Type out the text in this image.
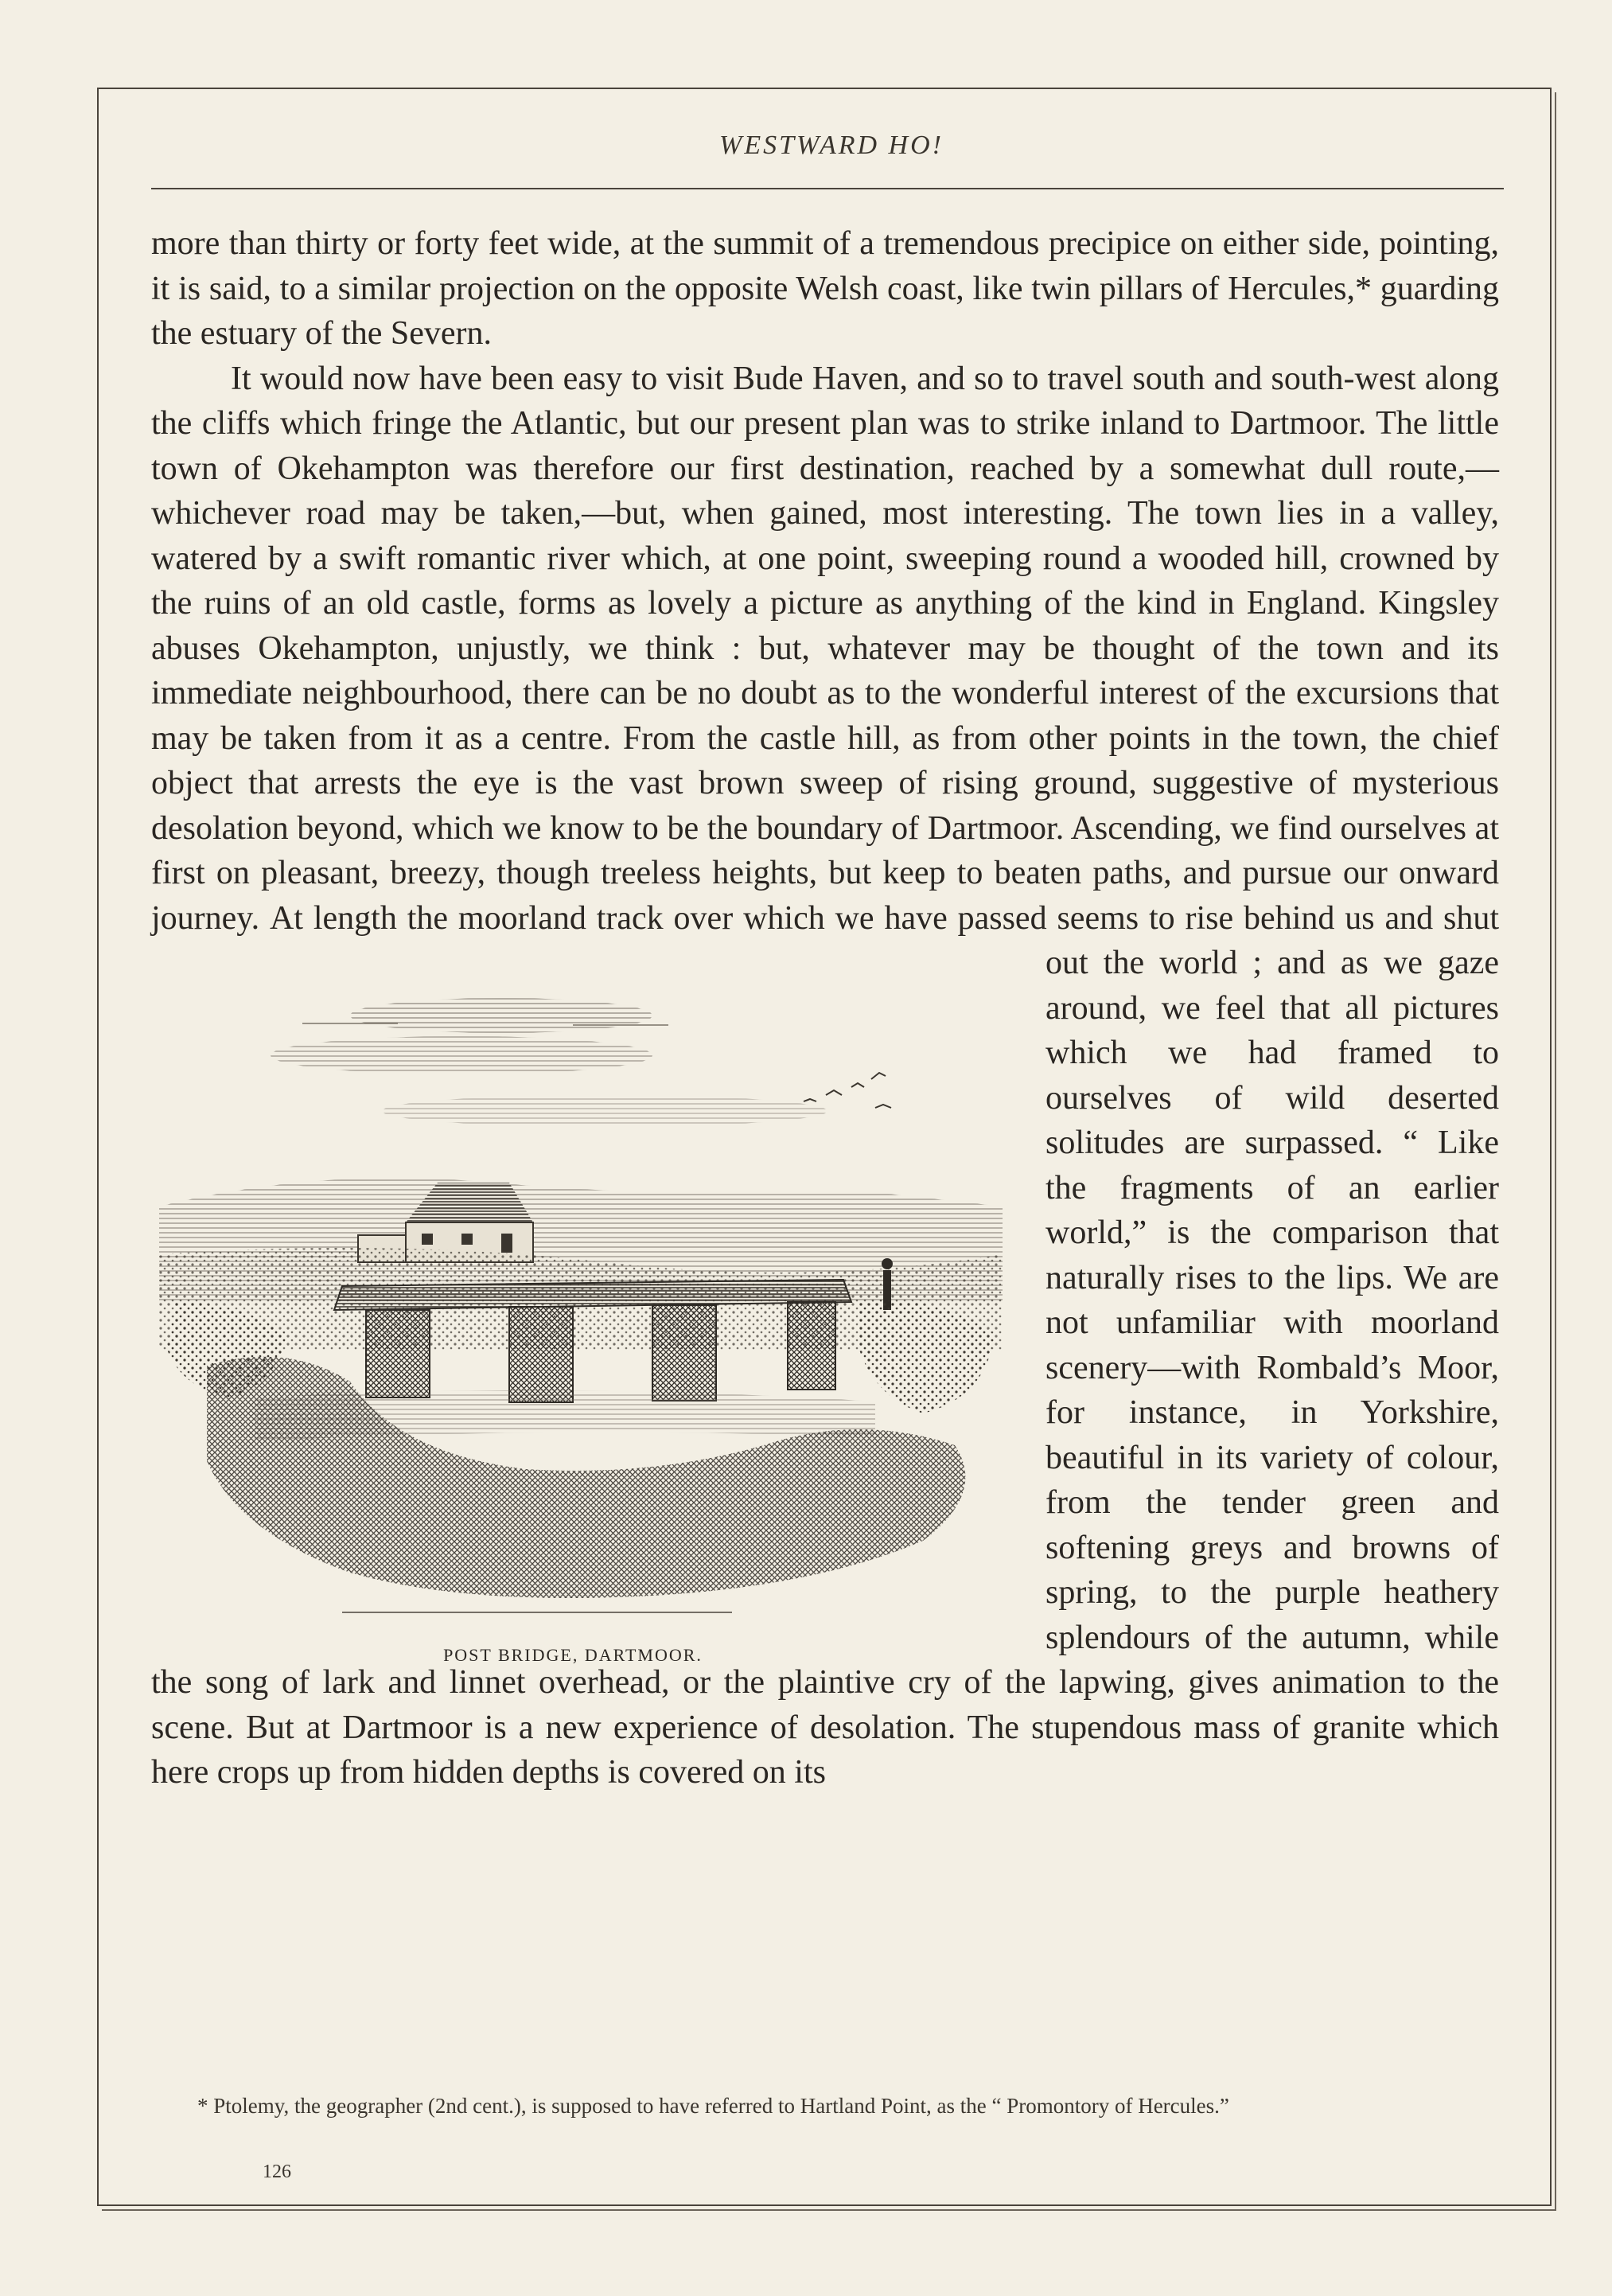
WESTWARD HO!

more than thirty or forty feet wide, at the summit of a tremendous precipice on either side, pointing, it is said, to a similar projection on the opposite Welsh coast, like twin pillars of Hercules,* guarding the estuary of the Severn.

It would now have been easy to visit Bude Haven, and so to travel south and south-west along the cliffs which fringe the Atlantic, but our present plan was to strike inland to Dartmoor. The little town of Okehampton was therefore our first destination, reached by a somewhat dull route,—whichever road may be taken,—but, when gained, most interesting. The town lies in a valley, watered by a swift romantic river which, at one point, sweeping round a wooded hill, crowned by the ruins of an old castle, forms as lovely a picture as anything of the kind in England. Kingsley abuses Okehampton, unjustly, we think : but, whatever may be thought of the town and its immediate neighbourhood, there can be no doubt as to the wonderful interest of the excursions that may be taken from it as a centre. From the castle hill, as from other points in the town, the chief object that arrests the eye is the vast brown sweep of rising ground, suggestive of mysterious desolation beyond, which we know to be the boundary of Dartmoor. Ascending, we find ourselves at first on pleasant, breezy, though treeless heights, but keep to beaten paths, and pursue our onward journey.
POST BRIDGE, DARTMOOR.
At length the moorland track over which we have passed seems to rise behind us and shut out the world ; and as we gaze around, we feel that all pictures which we had framed to ourselves of wild deserted solitudes are surpassed. “ Like the fragments of an earlier world,” is the comparison that naturally rises to the lips. We are not unfamiliar with moorland scenery—with Rombald’s Moor, for instance, in Yorkshire, beautiful in its variety of colour, from the tender green and softening greys and browns of spring, to the purple heathery splendours of the autumn, while the song of lark and linnet overhead, or the plaintive cry of the lapwing, gives animation to the scene. But at Dartmoor is a new experience of desolation. The stupendous mass of granite which here crops up from hidden depths is covered on its

* Ptolemy, the geographer (2nd cent.), is supposed to have referred to Hartland Point, as the “ Promontory of Hercules.”
126
